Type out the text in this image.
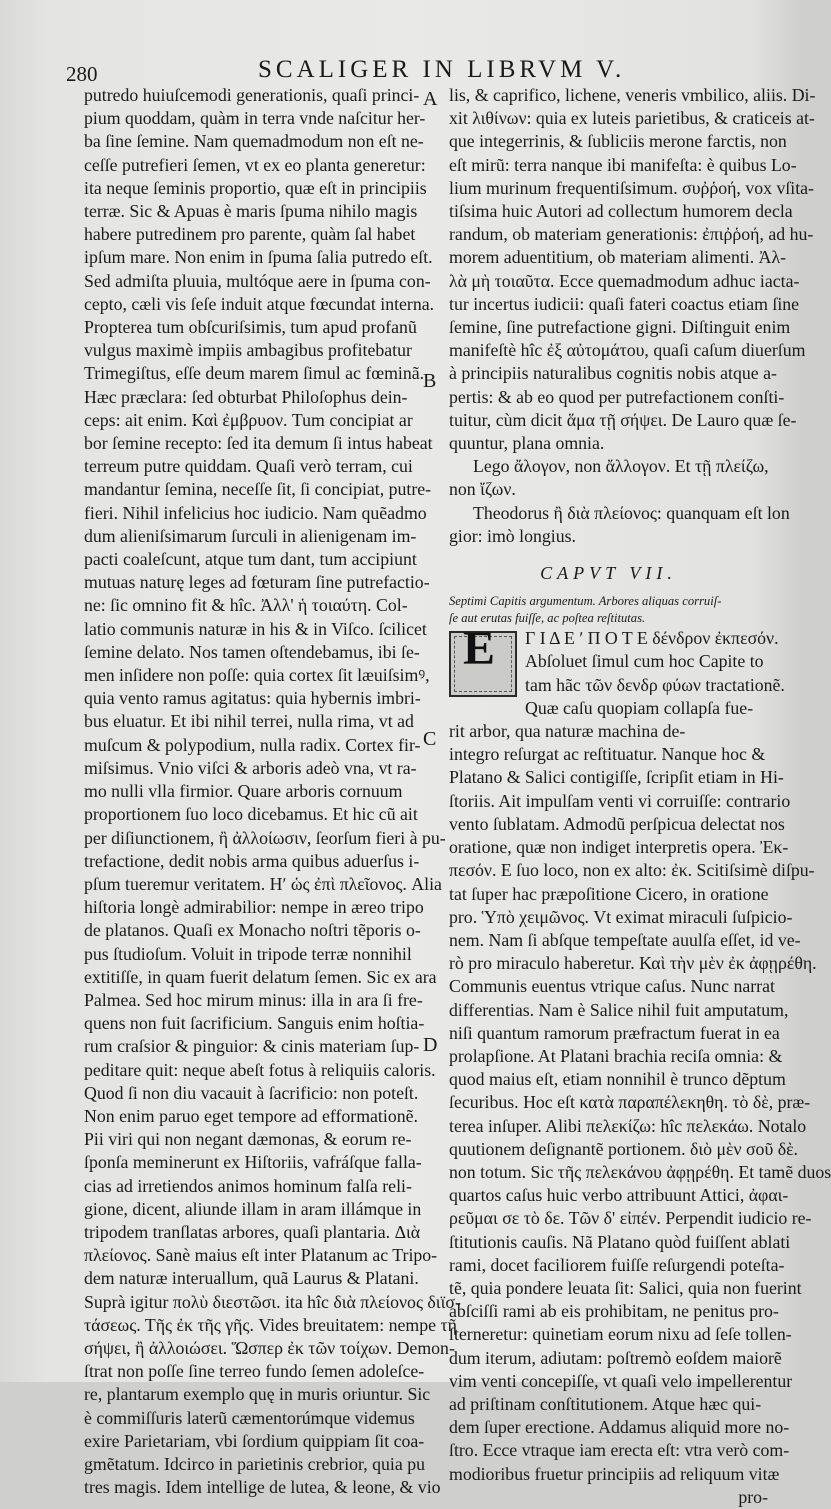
280	SCALIGER IN LIBRVM V.
A
B
C
D
putredo huiuſcemodi generationis, quaſi princi-
pium quoddam, quàm in terra vnde naſcitur her-
ba ſine ſemine. Nam quemadmodum non eſt ne-
ceſſe putrefieri ſemen, vt ex eo planta generetur:
ita neque ſeminis proportio, quæ eſt in principiis
terræ. Sic & Apuas è maris ſpuma nihilo magis
habere putredinem pro parente, quàm ſal habet
ipſum mare. Non enim in ſpuma ſalia putredo eſt.
Sed admiſta pluuia, multóque aere in ſpuma con-
cepto, cæli vis ſeſe induit atque fœcundat interna.
Propterea tum obſcuriſsimis, tum apud profanũ
vulgus maximè impiis ambagibus profitebatur
Trimegiſtus, eſſe deum marem ſimul ac fœminã.
Hæc præclara: ſed obturbat Philoſophus dein-
ceps: ait enim. Καὶ ἐμβρυον. Tum concipiat ar
bor ſemine recepto: ſed ita demum ſi intus habeat
terreum putre quiddam. Quaſi verò terram, cui
mandantur ſemina, neceſſe ſit, ſi concipiat, putre-
fieri. Nihil infelicius hoc iudicio. Nam quẽadmo
dum alieniſsimarum ſurculi in alienigenam im-
pacti coaleſcunt, atque tum dant, tum accipiunt
mutuas naturę leges ad fœturam ſine putrefactio-
ne: ſic omnino fit & hîc. Ἀλλ' ἡ τοιαύτη. Col-
latio communis naturæ in his & in Viſco. ſcilicet
ſemine delato. Nos tamen oſtendebamus, ibi ſe-
men inſidere non poſſe: quia cortex ſit læuiſsimꝰ,
quia vento ramus agitatus: quia hybernis imbri-
bus eluatur. Et ibi nihil terrei, nulla rima, vt ad
muſcum & polypodium, nulla radix. Cortex fir-
miſsimus. Vnio viſci & arboris adeò vna, vt ra-
mo nulli vlla firmior. Quare arboris cornuum
proportionem ſuo loco dicebamus. Et hic cũ ait
per diſiunctionem, ἢ ἀλλοίωσιν, ſeorſum fieri à pu-
trefactione, dedit nobis arma quibus aduerſus i-
pſum tueremur veritatem. Ηʹ ὡς ἐπὶ πλεῖονος. Alia
hiſtoria longè admirabilior: nempe in æreo tripo
de platanos. Quaſi ex Monacho noſtri tẽporis o-
pus ſtudioſum. Voluit in tripode terræ nonnihil
extitiſſe, in quam fuerit delatum ſemen. Sic ex ara
Palmea. Sed hoc mirum minus: illa in ara ſi fre-
quens non fuit ſacrificium. Sanguis enim hoſtia-
rum craſsior & pinguior: & cinis materiam ſup-
peditare quit: neque abeſt fotus à reliquiis caloris.
Quod ſi non diu vacauit à ſacrificio: non poteſt.
Non enim paruo eget tempore ad efformationẽ.
Pii viri qui non negant dæmonas, & eorum re-
ſponſa meminerunt ex Hiſtoriis, vafráſque falla-
cias ad irretiendos animos hominum falſa reli-
gione, dicent, aliunde illam in aram illámque in
tripodem tranſlatas arbores, quaſi plantaria. Διὰ
πλείονος. Sanè maius eſt inter Platanum ac Tripo-
dem naturæ interuallum, quã Laurus & Platani.
Suprà igitur πολὺ διεστῶσι. ita hîc διὰ πλείονος διϊσ-
τάσεως. Τῆς ἐκ τῆς γῆς. Vides breuitatem: nempe τῆ
σήψει, ἢ ἀλλοιώσει. Ὥσπερ ἐκ τῶν τοίχων. Demon-
ſtrat non poſſe ſine terreo fundo ſemen adoleſce-
re, plantarum exemplo quę in muris oriuntur. Sic
è commiſſuris laterũ cæmentorúmque videmus
exire Parietariam, vbi ſordium quippiam ſit coa-
gmẽtatum. Idcirco in parietinis crebrior, quia pu
tres magis. Idem intellige de lutea, & leone, & vio
lis, & caprifico, lichene, veneris vmbilico, aliis. Di-
xit λιθίνων: quia ex luteis parietibus, & craticeis at-
que integerrinis, & ſubliciis merone farctis, non
eſt mirũ: terra nanque ibi manifeſta: è quibus Lo-
lium murinum frequentiſsimum. συῤῥοή, vox vſita-
tiſsima huic Autori ad collectum humorem decla
randum, ob materiam generationis: ἐπιῤῥοή, ad hu-
morem aduentitium, ob materiam alimenti. Ἀλ-
λὰ μὴ τοιαῦτα. Ecce quemadmodum adhuc iacta-
tur incertus iudicii: quaſi fateri coactus etiam ſine
ſemine, ſine putrefactione gigni. Diſtinguit enim
manifeſtè hîc ἐξ αὐτομάτου, quaſi caſum diuerſum
à principiis naturalibus cognitis nobis atque a-
pertis: & ab eo quod per putrefactionem conſti-
tuitur, cùm dicit ἅμα τῇ σήψει. De Lauro quæ ſe-
quuntur, plana omnia.
Lego ἄλογον, non ἄλλογον. Et τῇ πλείζω,
non ἴζων.
Theodorus ἢ διὰ πλείονος: quanquam eſt lon
gior: imò longius.
CAPVT VII.
Septimi Capitis argumentum. Arbores aliquas corruiſ-
ſe aut erutas fuiſſe, ac poſtea reſtitutas.
E	Γ Ι Δ Ε ʹ Π Ο Τ Ε δένδρον ἐκπεσόν.
Abſoluet ſimul cum hoc Capite to
tam hãc τῶν δενδρ φύων tractationẽ.
Quæ caſu quopiam collapſa fue-
rit arbor, qua naturæ machina de-
integro reſurgat ac reſtituatur. Nanque hoc &
Platano & Salici contigiſſe, ſcripſit etiam in Hi-
ſtoriis. Ait impulſam venti vi corruiſſe: contrario
vento ſublatam. Admodũ perſpicua delectat nos
oratione, quæ non indiget interpretis opera. Ἐκ-
πεσόν. E ſuo loco, non ex alto: ἐκ. Scitiſsimè diſpu-
tat ſuper hac præpoſitione Cicero, in oratione
pro. Ὑπὸ χειμῶνος. Vt eximat miraculi ſuſpicio-
nem. Nam ſi abſque tempeſtate auulſa eſſet, id ve-
rò pro miraculo haberetur. Καὶ τὴν μὲν ἐκ ἀφῃρέθη.
Communis euentus vtrique caſus. Nunc narrat
differentias. Nam è Salice nihil fuit amputatum,
niſi quantum ramorum præfractum fuerat in ea
prolapſione. At Platani brachia reciſa omnia: &
quod maius eſt, etiam nonnihil è trunco dẽptum
ſecuribus. Hoc eſt κατὰ παραπέλεκηθη. τὸ δὲ, præ-
terea inſuper. Alibi πελεκίζω: hîc πελεκάω. Notalo
quutionem deſignantẽ portionem. διὸ μὲν σοῦ δὲ.
non totum. Sic τῆς πελεκάνου ἀφῃρέθη. Et tamẽ duos
quartos caſus huic verbo attribuunt Attici, ἀφαι-
ρεῦμαι σε τὸ δε. Τῶν δ' εἰπέν. Perpendit iudicio re-
ſtitutionis cauſis. Nã Platano quòd fuiſſent ablati
rami, docet faciliorem fuiſſe reſurgendi poteſta-
tẽ, quia pondere leuata ſit: Salici, quia non fuerint
abſciſſi rami ab eis prohibitam, ne penitus pro-
ſterneretur: quinetiam eorum nixu ad ſeſe tollen-
dum iterum, adiutam: poſtremò eoſdem maiorẽ
vim venti concepiſſe, vt quaſi velo impellerentur
ad priſtinam conſtitutionem. Atque hæc qui-
dem ſuper erectione. Addamus aliquid more no-
ſtro. Ecce vtraque iam erecta eſt: vtra verò com-
modioribus fruetur principiis ad reliquum vitæ
pro-
